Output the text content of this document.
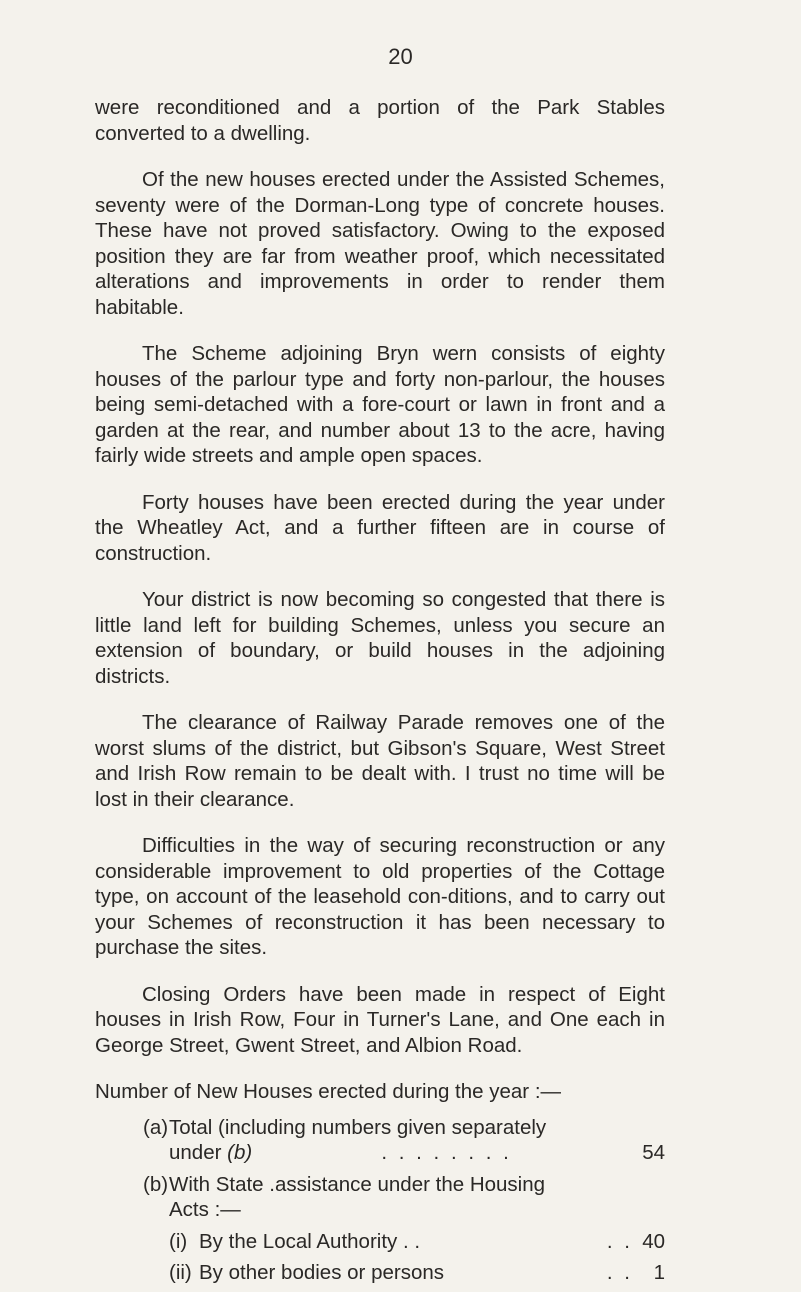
20

were reconditioned and a portion of the Park Stables converted to a dwelling.

Of the new houses erected under the Assisted Schemes, seventy were of the Dorman-Long type of concrete houses. These have not proved satisfactory. Owing to the exposed position they are far from weather proof, which necessitated alterations and improvements in order to render them habitable.

The Scheme adjoining Bryn wern consists of eighty houses of the parlour type and forty non-parlour, the houses being semi-detached with a fore-court or lawn in front and a garden at the rear, and number about 13 to the acre, having fairly wide streets and ample open spaces.

Forty houses have been erected during the year under the Wheatley Act, and a further fifteen are in course of construction.

Your district is now becoming so congested that there is little land left for building Schemes, unless you secure an extension of boundary, or build houses in the adjoining districts.

The clearance of Railway Parade removes one of the worst slums of the district, but Gibson's Square, West Street and Irish Row remain to be dealt with. I trust no time will be lost in their clearance.

Difficulties in the way of securing reconstruction or any considerable improvement to old properties of the Cottage type, on account of the leasehold con-ditions, and to carry out your Schemes of reconstruction it has been necessary to purchase the sites.

Closing Orders have been made in respect of Eight houses in Irish Row, Four in Turner's Lane, and One each in George Street, Gwent Street, and Albion Road.

Number of New Houses erected during the year :—

(a) Total (including numbers given separately
under (b)	. . . . . . . .	54
(b) With State .assistance under the Housing
Acts :—
(i) By the Local Authority . .	. . 40
(ii) By other bodies or persons	. .	1
